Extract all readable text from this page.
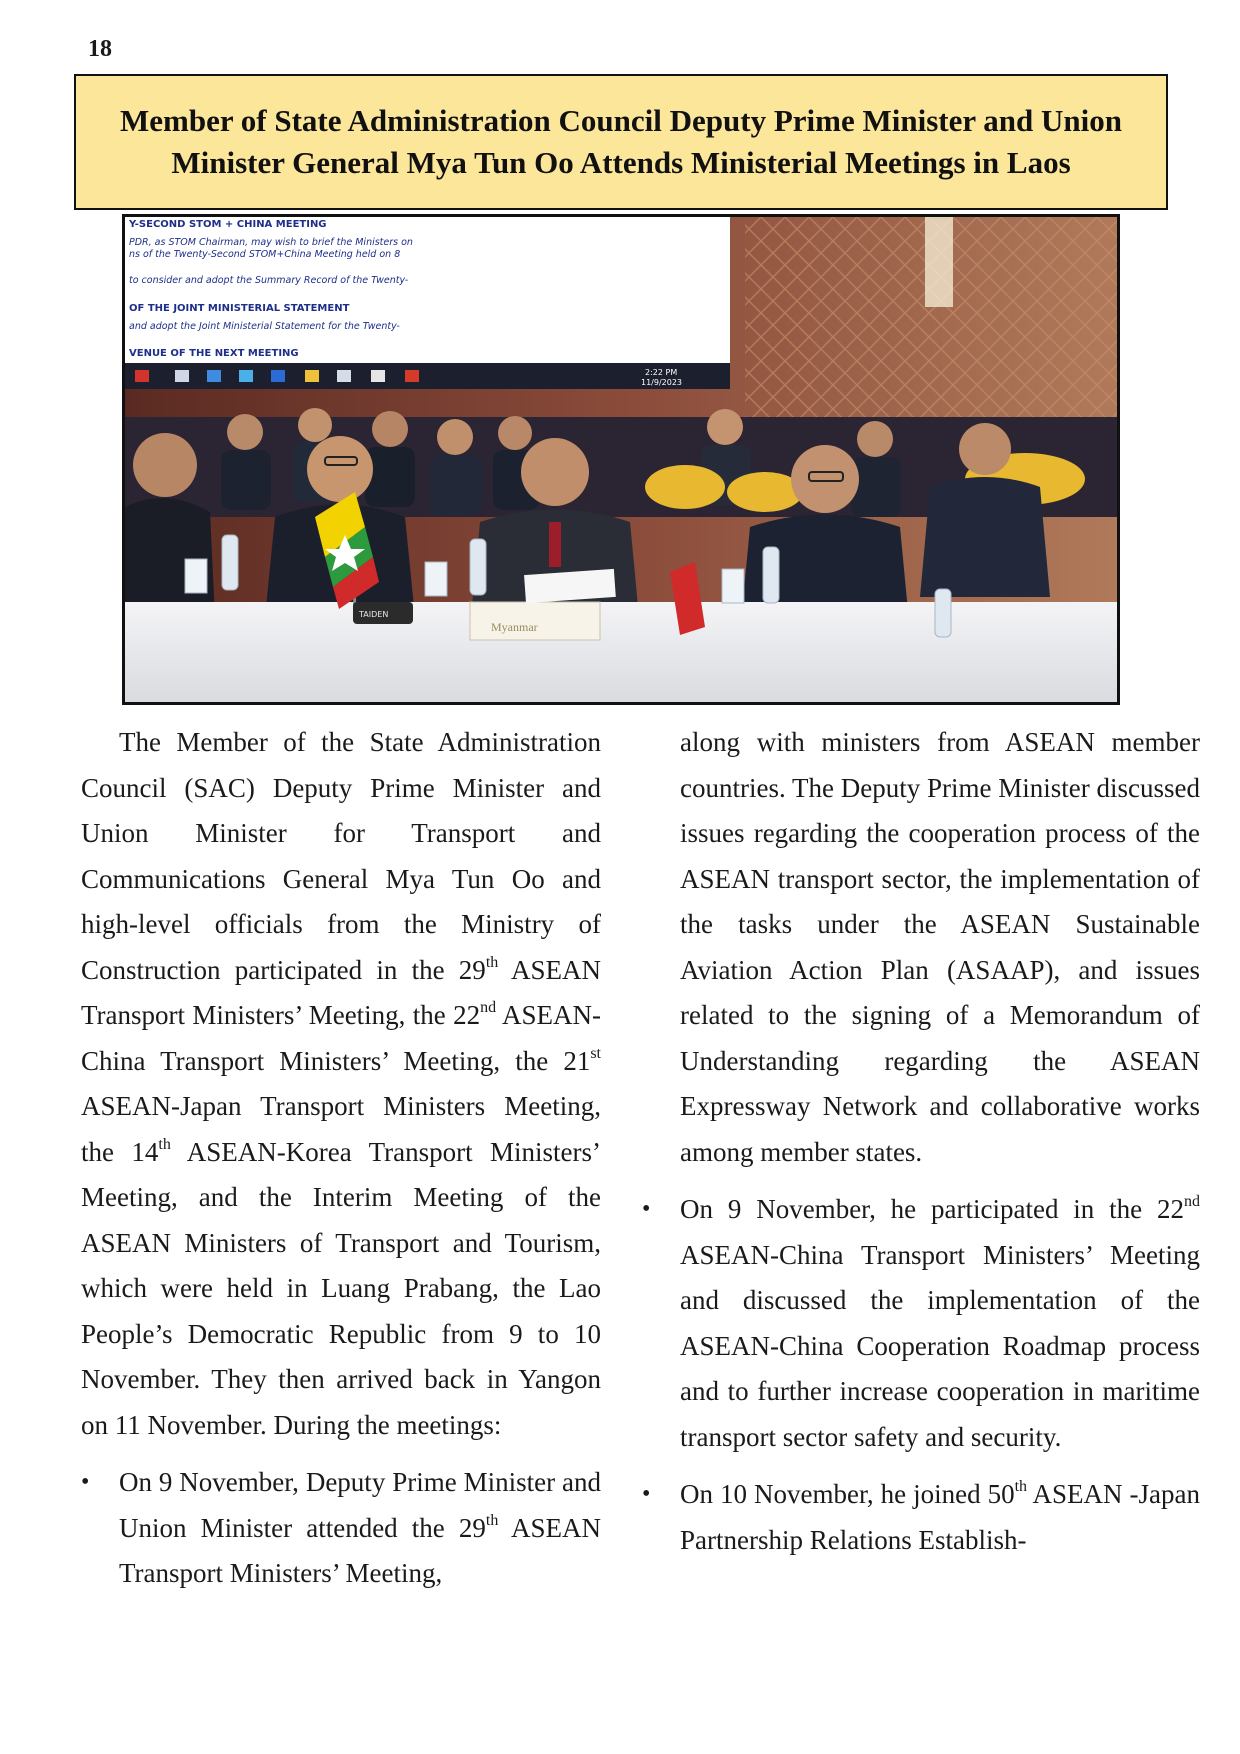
18
Member of State Administration Council Deputy Prime Minister and Union
Minister General Mya Tun Oo Attends Ministerial Meetings in Laos
Y-SECOND STOM + CHINA MEETING
PDR, as STOM Chairman, may wish to brief the Ministers on
ns of the Twenty-Second STOM+China Meeting held on 8
to consider and adopt the Summary Record of the Twenty-
OF THE JOINT MINISTERIAL STATEMENT
and adopt the Joint Ministerial Statement for the Twenty-
VENUE OF THE NEXT MEETING
2:22 PM
11/9/2023
TAIDEN
Myanmar

The Member of the State Administration Council (SAC) Deputy Prime Minister and Union Minister for Transport and Communications General Mya Tun Oo and high-level officials from the Ministry of Construction participated in the 29th ASEAN Transport Ministers’ Meeting, the 22nd ASEAN-China Transport Ministers’ Meeting, the 21st ASEAN-Japan Transport Ministers Meeting, the 14th ASEAN-Korea Transport Ministers’ Meeting, and the Interim Meeting of the ASEAN Ministers of Transport and Tourism, which were held in Luang Prabang, the Lao People’s Democratic Republic from 9 to 10 November. They then arrived back in Yangon on 11 November. During the meetings:

• On 9 November, Deputy Prime Minister and Union Minister attended the 29th ASEAN Transport Ministers’ Meeting,

along with ministers from ASEAN member countries. The Deputy Prime Minister discussed issues regarding the cooperation process of the ASEAN transport sector, the implementation of the tasks under the ASEAN Sustainable Aviation Action Plan (ASAAP), and issues related to the signing of a Memorandum of Understanding regarding the ASEAN Expressway Network and collaborative works among member states.

• On 9 November, he participated in the 22nd ASEAN-China Transport Ministers’ Meeting and discussed the implementation of the ASEAN-China Cooperation Roadmap process and to further increase cooperation in maritime transport sector safety and security.

• On 10 November, he joined 50th ASEAN -Japan Partnership Relations Establish-
